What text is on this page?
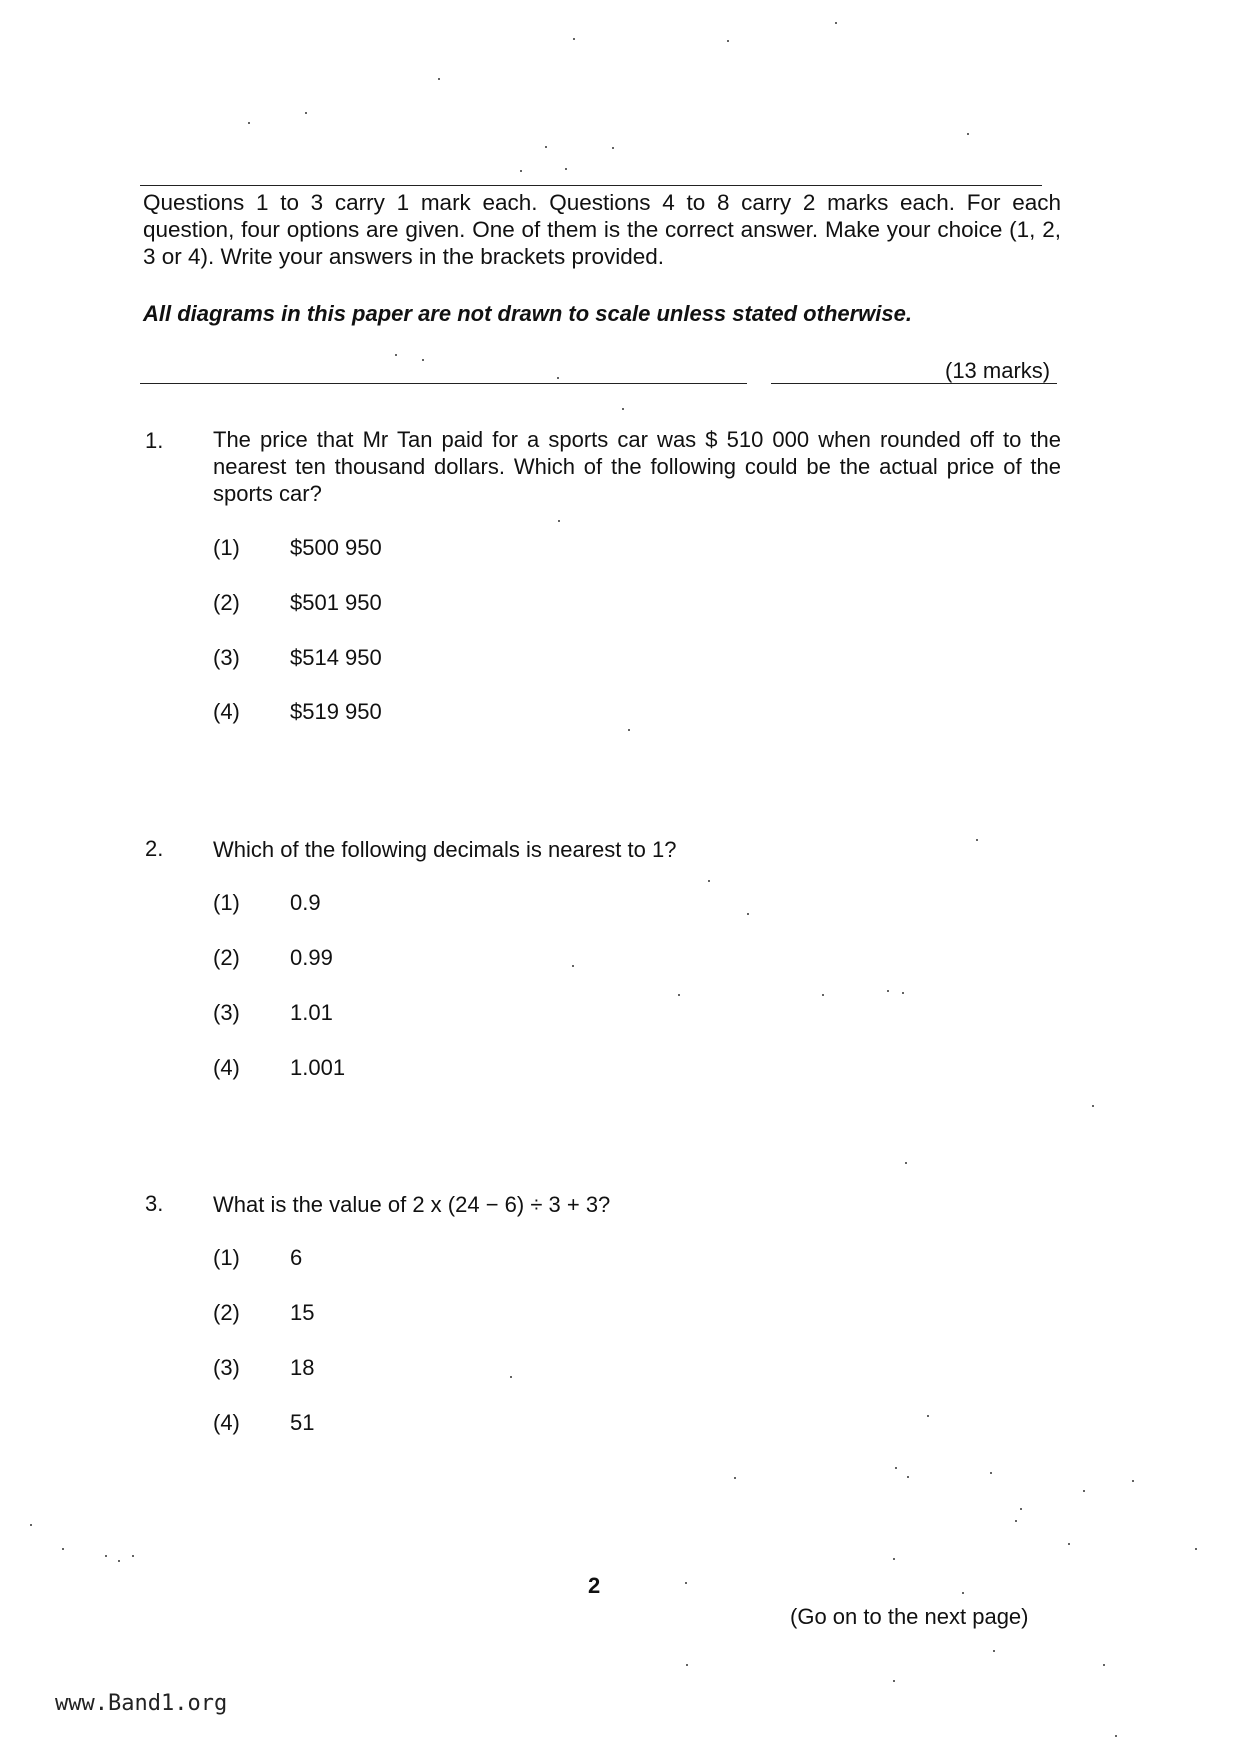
Questions 1 to 3 carry 1 mark each. Questions 4 to 8 carry 2 marks each. For each question, four options are given. One of them is the correct answer. Make your choice (1, 2, 3 or 4). Write your answers in the brackets provided.
All diagrams in this paper are not drawn to scale unless stated otherwise.
(13 marks)
1. The price that Mr Tan paid for a sports car was $ 510 000 when rounded off to the nearest ten thousand dollars. Which of the following could be the actual price of the sports car?
(1) $500 950
(2) $501 950
(3) $514 950
(4) $519 950
2. Which of the following decimals is nearest to 1?
(1) 0.9
(2) 0.99
(3) 1.01
(4) 1.001
3. What is the value of 2 x (24 − 6) ÷ 3 + 3?
(1) 6
(2) 15
(3) 18
(4) 51
2
(Go on to the next page)
www.Band1.org
